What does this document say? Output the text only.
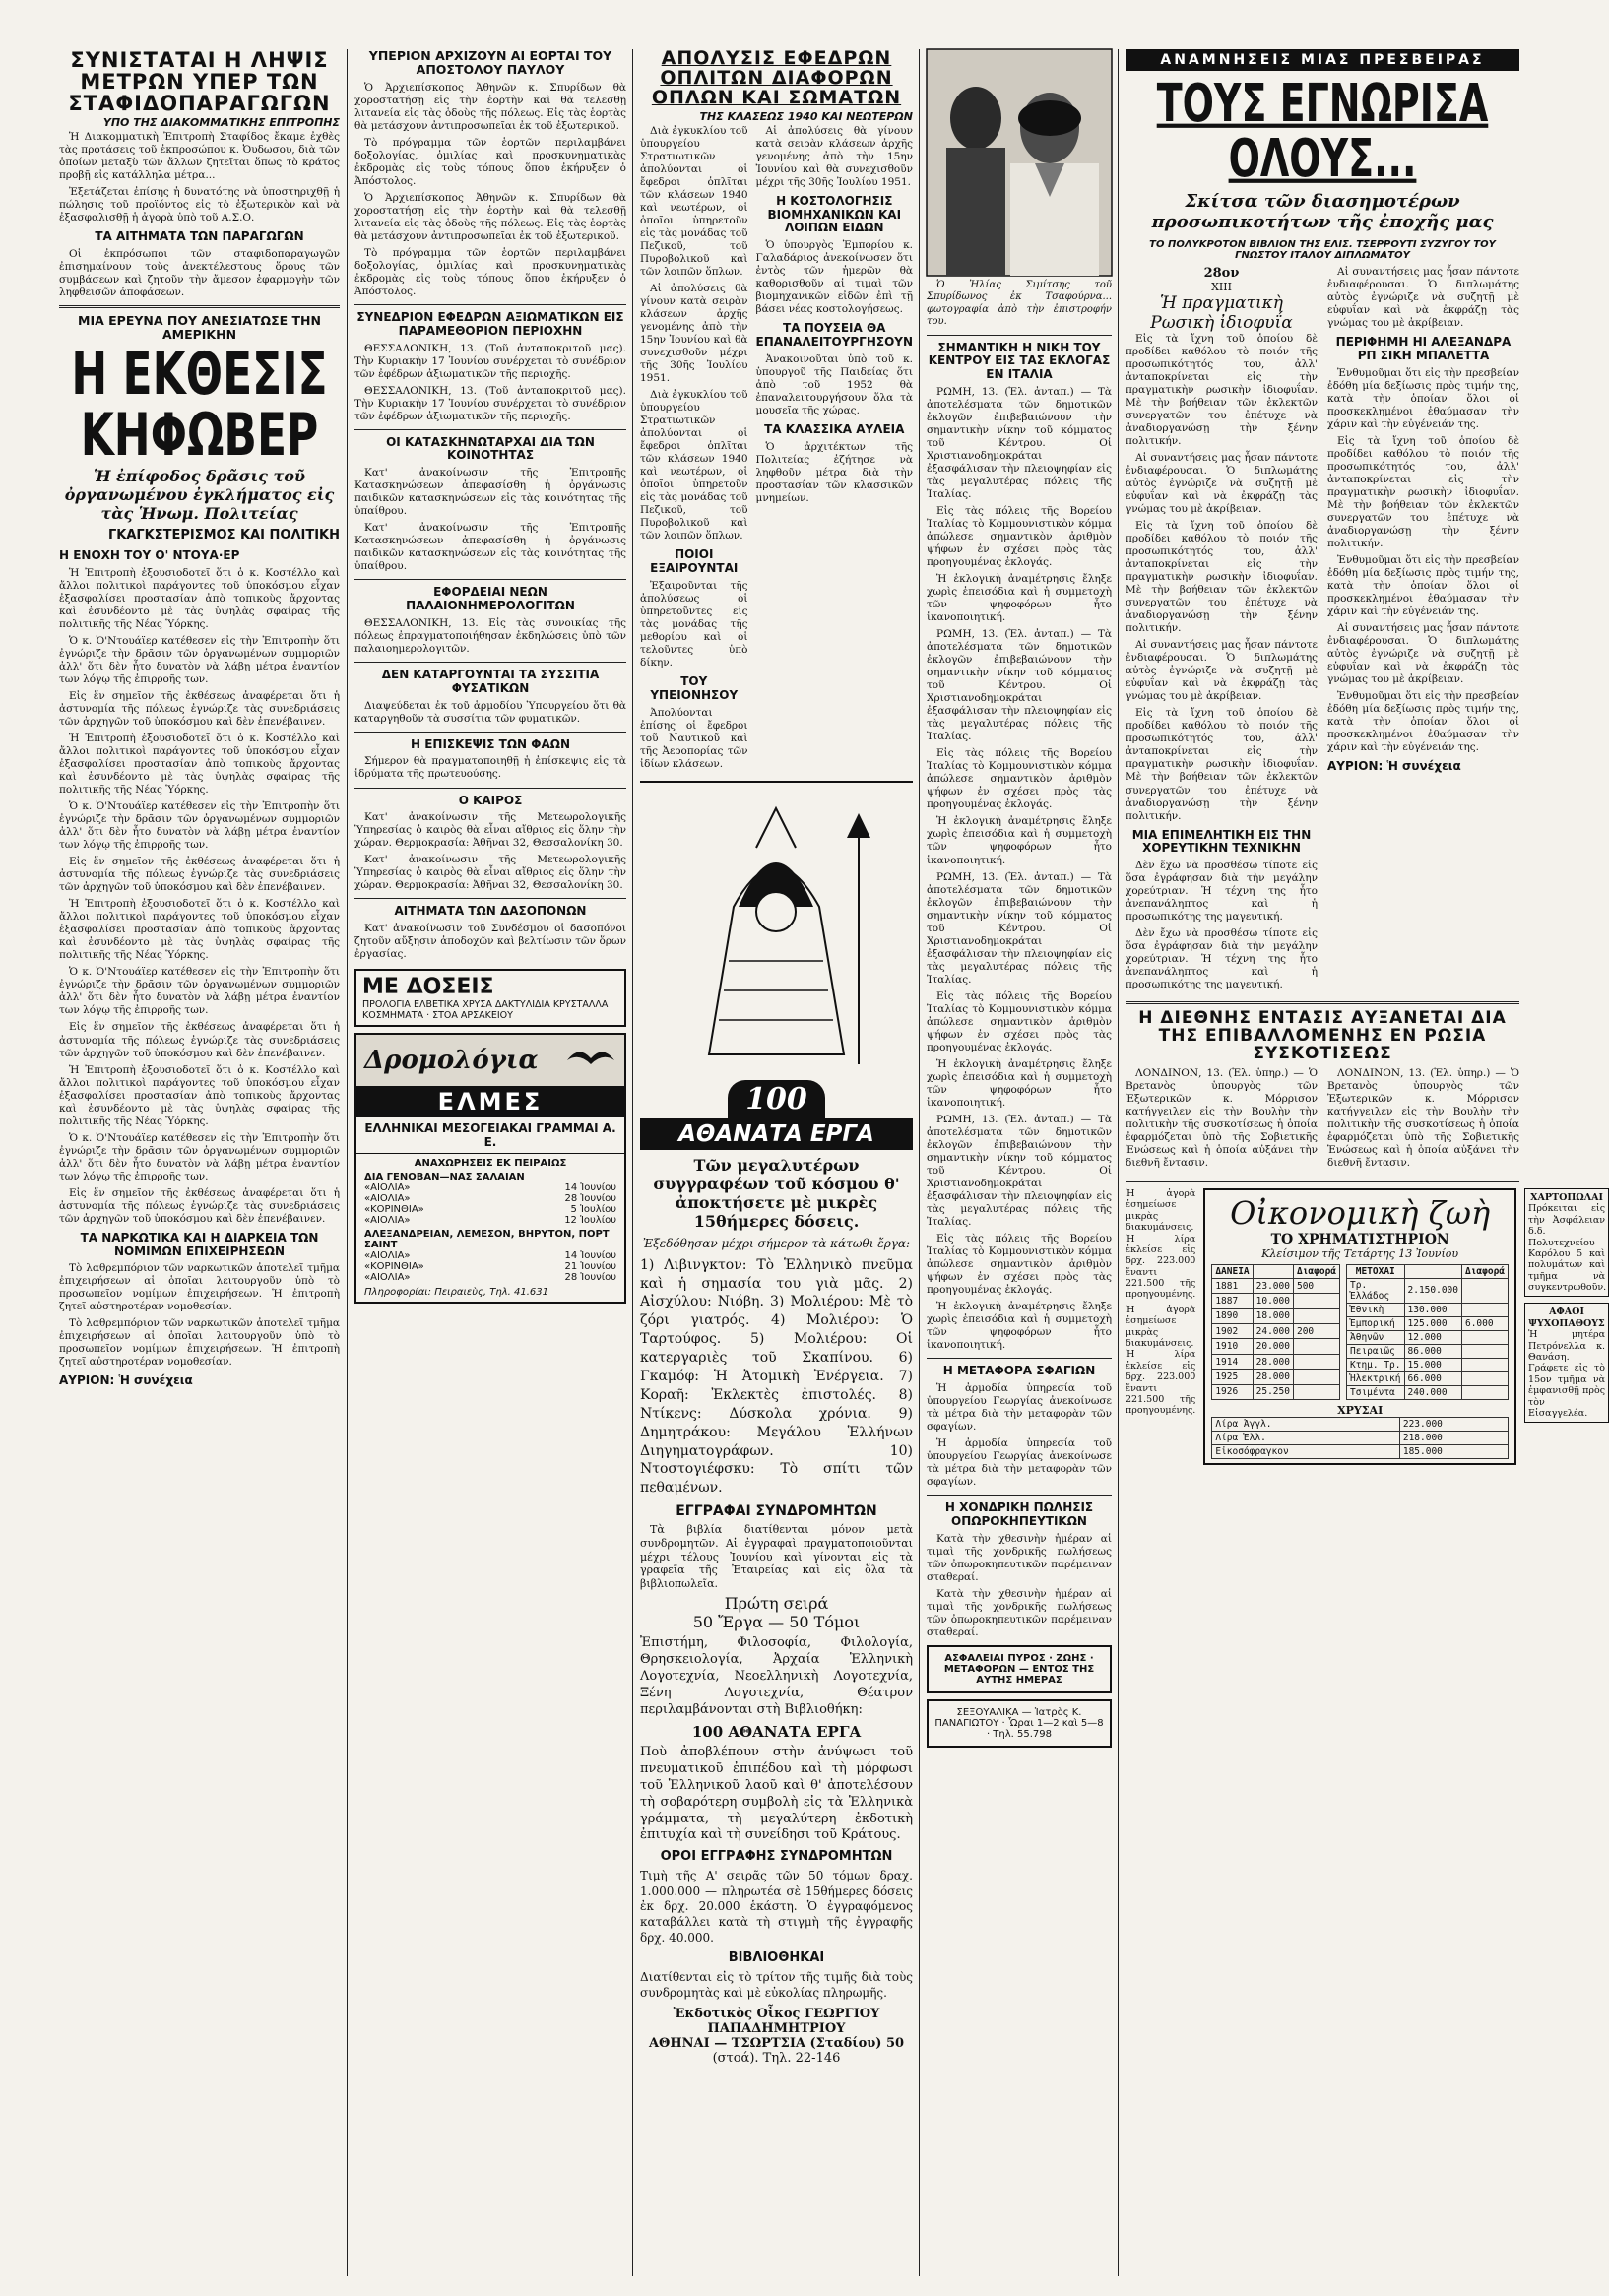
ΣΥΝΙΣΤΑΤΑΙ Η ΛΗΨΙΣ ΜΕΤΡΩΝ ΥΠΕΡ ΤΩΝ ΣΤΑΦΙΔΟΠΑΡΑΓΩΓΩΝ
ΥΠΟ ΤΗΣ ΔΙΑΚΟΜΜΑΤΙΚΗΣ ΕΠΙΤΡΟΠΗΣ

Ἡ Διακομματικὴ Ἐπιτροπὴ Σταφίδος ἔκαμε ἐχθὲς τὰς προτάσεις τοῦ ἐκπροσώπου κ. Ὀυδωσου, διὰ τῶν ὁποίων μεταξὺ τῶν ἄλλων ζητεῖται ὅπως τὸ κράτος προβῇ εἰς κατάλληλα μέτρα...

Ἐξετάζεται ἐπίσης ἡ δυνατότης νὰ ὑποστηριχθῇ ἡ πώλησις τοῦ προϊόντος εἰς τὸ ἐξωτερικὸν καὶ νὰ ἐξασφαλισθῇ ἡ ἀγορὰ ὑπὸ τοῦ Α.Σ.Ο.

ΤΑ ΑΙΤΗΜΑΤΑ ΤΩΝ ΠΑΡΑΓΩΓΩΝ

Οἱ ἐκπρόσωποι τῶν σταφιδοπαραγωγῶν ἐπισημαίνουν τοὺς ἀνεκτέλεστους ὅρους τῶν συμβάσεων καὶ ζητοῦν τὴν ἄμεσον ἐφαρμογὴν τῶν ληφθεισῶν ἀποφάσεων.

ΜΙΑ ΕΡΕΥΝΑ ΠΟΥ ΑΝΕΣΙΑΤΩΣΕ ΤΗΝ ΑΜΕΡΙΚΗΝ
Η ΕΚΘΕΣΙΣ ΚΗΦΩΒΕΡ
Ἡ ἐπίφοδος δρᾶσις τοῦ ὀργανωμένου ἐγκλήματος εἰς τὰς Ἡνωμ. Πολιτείας
ΓΚΑΓΚΣΤΕΡΙΣΜΟΣ ΚΑΙ ΠΟΛΙΤΙΚΗ
Η ΕΝΟΧΗ ΤΟΥ Ο' ΝΤΟΥΑ·ΕΡ

Ἡ Ἐπιτροπὴ ἐξουσιοδοτεῖ ὅτι ὁ κ. Κοστέλλο καὶ ἄλλοι πολιτικοὶ παράγοντες τοῦ ὑποκόσμου εἶχαν ἐξασφαλίσει προστασίαν ἀπὸ τοπικοὺς ἄρχοντας καὶ ἐσυνδέοντο μὲ τὰς ὑψηλὰς σφαίρας τῆς πολιτικῆς τῆς Νέας Ὑόρκης.

Ὁ κ. Ὀ'Ντουάϊερ κατέθεσεν εἰς τὴν Ἐπιτροπὴν ὅτι ἐγνώριζε τὴν δρᾶσιν τῶν ὀργανωμένων συμμοριῶν ἀλλ' ὅτι δὲν ἦτο δυνατὸν νὰ λάβῃ μέτρα ἐναντίον των λόγῳ τῆς ἐπιρροῆς των.

Εἰς ἕν σημεῖον τῆς ἐκθέσεως ἀναφέρεται ὅτι ἡ ἀστυνομία τῆς πόλεως ἐγνώριζε τὰς συνεδριάσεις τῶν ἀρχηγῶν τοῦ ὑποκόσμου καὶ δὲν ἐπενέβαινεν.

Ἡ Ἐπιτροπὴ ἐξουσιοδοτεῖ ὅτι ὁ κ. Κοστέλλο καὶ ἄλλοι πολιτικοὶ παράγοντες τοῦ ὑποκόσμου εἶχαν ἐξασφαλίσει προστασίαν ἀπὸ τοπικοὺς ἄρχοντας καὶ ἐσυνδέοντο μὲ τὰς ὑψηλὰς σφαίρας τῆς πολιτικῆς τῆς Νέας Ὑόρκης.

Ὁ κ. Ὀ'Ντουάϊερ κατέθεσεν εἰς τὴν Ἐπιτροπὴν ὅτι ἐγνώριζε τὴν δρᾶσιν τῶν ὀργανωμένων συμμοριῶν ἀλλ' ὅτι δὲν ἦτο δυνατὸν νὰ λάβῃ μέτρα ἐναντίον των λόγῳ τῆς ἐπιρροῆς των.

Εἰς ἕν σημεῖον τῆς ἐκθέσεως ἀναφέρεται ὅτι ἡ ἀστυνομία τῆς πόλεως ἐγνώριζε τὰς συνεδριάσεις τῶν ἀρχηγῶν τοῦ ὑποκόσμου καὶ δὲν ἐπενέβαινεν.

Ἡ Ἐπιτροπὴ ἐξουσιοδοτεῖ ὅτι ὁ κ. Κοστέλλο καὶ ἄλλοι πολιτικοὶ παράγοντες τοῦ ὑποκόσμου εἶχαν ἐξασφαλίσει προστασίαν ἀπὸ τοπικοὺς ἄρχοντας καὶ ἐσυνδέοντο μὲ τὰς ὑψηλὰς σφαίρας τῆς πολιτικῆς τῆς Νέας Ὑόρκης.

Ὁ κ. Ὀ'Ντουάϊερ κατέθεσεν εἰς τὴν Ἐπιτροπὴν ὅτι ἐγνώριζε τὴν δρᾶσιν τῶν ὀργανωμένων συμμοριῶν ἀλλ' ὅτι δὲν ἦτο δυνατὸν νὰ λάβῃ μέτρα ἐναντίον των λόγῳ τῆς ἐπιρροῆς των.

Εἰς ἕν σημεῖον τῆς ἐκθέσεως ἀναφέρεται ὅτι ἡ ἀστυνομία τῆς πόλεως ἐγνώριζε τὰς συνεδριάσεις τῶν ἀρχηγῶν τοῦ ὑποκόσμου καὶ δὲν ἐπενέβαινεν.

Ἡ Ἐπιτροπὴ ἐξουσιοδοτεῖ ὅτι ὁ κ. Κοστέλλο καὶ ἄλλοι πολιτικοὶ παράγοντες τοῦ ὑποκόσμου εἶχαν ἐξασφαλίσει προστασίαν ἀπὸ τοπικοὺς ἄρχοντας καὶ ἐσυνδέοντο μὲ τὰς ὑψηλὰς σφαίρας τῆς πολιτικῆς τῆς Νέας Ὑόρκης.

Ὁ κ. Ὀ'Ντουάϊερ κατέθεσεν εἰς τὴν Ἐπιτροπὴν ὅτι ἐγνώριζε τὴν δρᾶσιν τῶν ὀργανωμένων συμμοριῶν ἀλλ' ὅτι δὲν ἦτο δυνατὸν νὰ λάβῃ μέτρα ἐναντίον των λόγῳ τῆς ἐπιρροῆς των.

Εἰς ἕν σημεῖον τῆς ἐκθέσεως ἀναφέρεται ὅτι ἡ ἀστυνομία τῆς πόλεως ἐγνώριζε τὰς συνεδριάσεις τῶν ἀρχηγῶν τοῦ ὑποκόσμου καὶ δὲν ἐπενέβαινεν.

ΤΑ ΝΑΡΚΩΤΙΚΑ ΚΑΙ Η ΔΙΑΡΚΕΙΑ ΤΩΝ ΝΟΜΙΜΩΝ ΕΠΙΧΕΙΡΗΣΕΩΝ

Τὸ λαθρεμπόριον τῶν ναρκωτικῶν ἀποτελεῖ τμῆμα ἐπιχειρήσεων αἱ ὁποῖαι λειτουργοῦν ὑπὸ τὸ προσωπεῖον νομίμων ἐπιχειρήσεων. Ἡ ἐπιτροπὴ ζητεῖ αὐστηροτέραν νομοθεσίαν.

Τὸ λαθρεμπόριον τῶν ναρκωτικῶν ἀποτελεῖ τμῆμα ἐπιχειρήσεων αἱ ὁποῖαι λειτουργοῦν ὑπὸ τὸ προσωπεῖον νομίμων ἐπιχειρήσεων. Ἡ ἐπιτροπὴ ζητεῖ αὐστηροτέραν νομοθεσίαν.

ΑΥΡΙΟΝ: Ἡ συνέχεια
ΥΠΕΡΙΟΝ ΑΡΧΙΖΟΥΝ ΑΙ ΕΟΡΤΑΙ ΤΟΥ ΑΠΟΣΤΟΛΟΥ ΠΑΥΛΟΥ

Ὁ Ἀρχιεπίσκοπος Ἀθηνῶν κ. Σπυρίδων θὰ χοροστατήσῃ εἰς τὴν ἑορτὴν καὶ θὰ τελεσθῇ λιτανεία εἰς τὰς ὁδοὺς τῆς πόλεως. Εἰς τὰς ἑορτὰς θὰ μετάσχουν ἀντιπροσωπεῖαι ἐκ τοῦ ἐξωτερικοῦ.

Τὸ πρόγραμμα τῶν ἑορτῶν περιλαμβάνει δοξολογίας, ὁμιλίας καὶ προσκυνηματικὰς ἐκδρομὰς εἰς τοὺς τόπους ὅπου ἐκήρυξεν ὁ Ἀπόστολος.

Ὁ Ἀρχιεπίσκοπος Ἀθηνῶν κ. Σπυρίδων θὰ χοροστατήσῃ εἰς τὴν ἑορτὴν καὶ θὰ τελεσθῇ λιτανεία εἰς τὰς ὁδοὺς τῆς πόλεως. Εἰς τὰς ἑορτὰς θὰ μετάσχουν ἀντιπροσωπεῖαι ἐκ τοῦ ἐξωτερικοῦ.

Τὸ πρόγραμμα τῶν ἑορτῶν περιλαμβάνει δοξολογίας, ὁμιλίας καὶ προσκυνηματικὰς ἐκδρομὰς εἰς τοὺς τόπους ὅπου ἐκήρυξεν ὁ Ἀπόστολος.

ΣΥΝΕΔΡΙΟΝ ΕΦΕΔΡΩΝ ΑΞΙΩΜΑΤΙΚΩΝ ΕΙΣ ΠΑΡΑΜΕΘΟΡΙΟΝ ΠΕΡΙΟΧΗΝ

ΘΕΣΣΑΛΟΝΙΚΗ, 13. (Τοῦ ἀνταποκριτοῦ μας). Τὴν Κυριακὴν 17 Ἰουνίου συνέρχεται τὸ συνέδριον τῶν ἐφέδρων ἀξιωματικῶν τῆς περιοχῆς.

ΘΕΣΣΑΛΟΝΙΚΗ, 13. (Τοῦ ἀνταποκριτοῦ μας). Τὴν Κυριακὴν 17 Ἰουνίου συνέρχεται τὸ συνέδριον τῶν ἐφέδρων ἀξιωματικῶν τῆς περιοχῆς.

ΟΙ ΚΑΤΑΣΚΗΝΩΤΑΡΧΑΙ ΔΙΑ ΤΩΝ ΚΟΙΝΟΤΗΤΑΣ

Κατ' ἀνακοίνωσιν τῆς Ἐπιτροπῆς Κατασκηνώσεων ἀπεφασίσθη ἡ ὀργάνωσις παιδικῶν κατασκηνώσεων εἰς τὰς κοινότητας τῆς ὑπαίθρου.

Κατ' ἀνακοίνωσιν τῆς Ἐπιτροπῆς Κατασκηνώσεων ἀπεφασίσθη ἡ ὀργάνωσις παιδικῶν κατασκηνώσεων εἰς τὰς κοινότητας τῆς ὑπαίθρου.

ΕΦΟΡΔΕΙΑΙ ΝΕΩΝ ΠΑΛΑΙΟΝΗΜΕΡΟΛΟΓΙΤΩΝ

ΘΕΣΣΑΛΟΝΙΚΗ, 13. Εἰς τὰς συνοικίας τῆς πόλεως ἐπραγματοποιήθησαν ἐκδηλώσεις ὑπὸ τῶν παλαιοημερολογιτῶν.

ΔΕΝ ΚΑΤΑΡΓΟΥΝΤΑΙ ΤΑ ΣΥΣΣΙΤΙΑ ΦΥΣΑΤΙΚΩΝ

Διαψεύδεται ἐκ τοῦ ἁρμοδίου Ὑπουργείου ὅτι θὰ καταργηθοῦν τὰ συσσίτια τῶν φυματικῶν.

Η ΕΠΙΣΚΕΨΙΣ ΤΩΝ ΦΑΩΝ

Σήμερον θὰ πραγματοποιηθῇ ἡ ἐπίσκεψις εἰς τὰ ἱδρύματα τῆς πρωτευούσης.

Ο ΚΑΙΡΟΣ

Κατ' ἀνακοίνωσιν τῆς Μετεωρολογικῆς Ὑπηρεσίας ὁ καιρὸς θὰ εἶναι αἴθριος εἰς ὅλην τὴν χώραν. Θερμοκρασία: Ἀθῆναι 32, Θεσσαλονίκη 30.

Κατ' ἀνακοίνωσιν τῆς Μετεωρολογικῆς Ὑπηρεσίας ὁ καιρὸς θὰ εἶναι αἴθριος εἰς ὅλην τὴν χώραν. Θερμοκρασία: Ἀθῆναι 32, Θεσσαλονίκη 30.

ΑΙΤΗΜΑΤΑ ΤΩΝ ΔΑΣΟΠΟΝΩΝ

Κατ' ἀνακοίνωσιν τοῦ Συνδέσμου οἱ δασοπόνοι ζητοῦν αὔξησιν ἀποδοχῶν καὶ βελτίωσιν τῶν ὅρων ἐργασίας.

ΜΕ ΔΟΣΕΙΣ
ΠΡΟΛΟΓΙΑ ΕΛΒΕΤΙΚΑ ΧΡΥΣΑ ΔΑΚΤΥΛΙΔΙΑ ΚΡΥΣΤΑΛΛΑ ΚΟΣΜΗΜΑΤΑ · ΣΤΟΑ ΑΡΣΑΚΕΙΟΥ
Δρομολόγια
ΕΛΜΕΣ
ΕΛΛΗΝΙΚΑΙ ΜΕΣΟΓΕΙΑΚΑΙ ΓΡΑΜΜΑΙ Α. Ε.
ΑΝΑΧΩΡΗΣΕΙΣ ΕΚ ΠΕΙΡΑΙΩΣ
ΔΙΑ ΓΕΝΟΒΑΝ—ΝΑΣ ΣΑΛΑΙΑΝ
«ΑΙΟΛΙΑ»	14 Ἰουνίου
«ΑΙΟΛΙΑ»	28 Ἰουνίου
«ΚΟΡΙΝΘΙΑ»	5 Ἰουλίου
«ΑΙΟΛΙΑ»	12 Ἰουλίου
ΑΛΕΞΑΝΔΡΕΙΑΝ, ΛΕΜΕΣΟΝ, ΒΗΡΥΤΟΝ, ΠΟΡΤ ΣΑΙΝΤ
«ΑΙΟΛΙΑ»	14 Ἰουνίου
«ΚΟΡΙΝΘΙΑ»	21 Ἰουνίου
«ΑΙΟΛΙΑ»	28 Ἰουνίου
Πληροφορίαι: Πειραιεὺς, Τηλ. 41.631
ΑΠΟΛΥΣΙΣ ΕΦΕΔΡΩΝ ΟΠΛΙΤΩΝ ΔΙΑΦΟΡΩΝ ΟΠΛΩΝ ΚΑΙ ΣΩΜΑΤΩΝ
ΤΗΣ ΚΛΑΣΕΩΣ 1940 ΚΑΙ ΝΕΩΤΕΡΩΝ

Διὰ ἐγκυκλίου τοῦ ὑπουργείου Στρατιωτικῶν ἀπολύονται οἱ ἔφεδροι ὁπλῖται τῶν κλάσεων 1940 καὶ νεωτέρων, οἱ ὁποῖοι ὑπηρετοῦν εἰς τὰς μονάδας τοῦ Πεζικοῦ, τοῦ Πυροβολικοῦ καὶ τῶν λοιπῶν ὅπλων.

Αἱ ἀπολύσεις θὰ γίνουν κατὰ σειρὰν κλάσεων ἀρχῆς γενομένης ἀπὸ τὴν 15ην Ἰουνίου καὶ θὰ συνεχισθοῦν μέχρι τῆς 30ῆς Ἰουλίου 1951.

Διὰ ἐγκυκλίου τοῦ ὑπουργείου Στρατιωτικῶν ἀπολύονται οἱ ἔφεδροι ὁπλῖται τῶν κλάσεων 1940 καὶ νεωτέρων, οἱ ὁποῖοι ὑπηρετοῦν εἰς τὰς μονάδας τοῦ Πεζικοῦ, τοῦ Πυροβολικοῦ καὶ τῶν λοιπῶν ὅπλων.

ΠΟΙΟΙ ΕΞΑΙΡΟΥΝΤΑΙ

Ἐξαιροῦνται τῆς ἀπολύσεως οἱ ὑπηρετοῦντες εἰς τὰς μονάδας τῆς μεθορίου καὶ οἱ τελοῦντες ὑπὸ δίκην.

ΤΟΥ ΥΠΕΙΟΝΗΣΟΥ

Ἀπολύονται ἐπίσης οἱ ἔφεδροι τοῦ Ναυτικοῦ καὶ τῆς Ἀεροπορίας τῶν ἰδίων κλάσεων.

Αἱ ἀπολύσεις θὰ γίνουν κατὰ σειρὰν κλάσεων ἀρχῆς γενομένης ἀπὸ τὴν 15ην Ἰουνίου καὶ θὰ συνεχισθοῦν μέχρι τῆς 30ῆς Ἰουλίου 1951.

Η ΚΟΣΤΟΛΟΓΗΣΙΣ ΒΙΟΜΗΧΑΝΙΚΩΝ ΚΑΙ ΛΟΙΠΩΝ ΕΙΔΩΝ

Ὁ ὑπουργὸς Ἐμπορίου κ. Γαλαδάριος ἀνεκοίνωσεν ὅτι ἐντὸς τῶν ἡμερῶν θὰ καθορισθοῦν αἱ τιμαὶ τῶν βιομηχανικῶν εἰδῶν ἐπὶ τῇ βάσει νέας κοστολογήσεως.

ΤΑ ΠΟΥΣΕΙΑ ΘΑ ΕΠΑΝΑΛΕΙΤΟΥΡΓΗΣΟΥΝ

Ἀνακοινοῦται ὑπὸ τοῦ κ. ὑπουργοῦ τῆς Παιδείας ὅτι ἀπὸ τοῦ 1952 θὰ ἐπαναλειτουργήσουν ὅλα τὰ μουσεῖα τῆς χώρας.

ΤΑ ΚΛΑΣΣΙΚΑ ΑΥΛΕΙΑ

Ὁ ἀρχιτέκτων τῆς Πολιτείας ἐζήτησε νὰ ληφθοῦν μέτρα διὰ τὴν προστασίαν τῶν κλασσικῶν μνημείων.

100
ΑΘΑΝΑΤΑ ΕΡΓΑ
Τῶν μεγαλυτέρων συγγραφέων τοῦ κόσμου θ' ἀποκτήσετε μὲ μικρὲς 15θήμερες δόσεις.
Ἐξεδόθησαν μέχρι σήμερον τὰ κάτωθι ἔργα:
1) Λιβινγκτον: Τὸ Ἑλληνικὸ πνεῦμα καὶ ἡ σημασία του γιὰ μᾶς. 2) Αἰσχύλου: Νιόβη. 3) Μολιέρου: Μὲ τὸ ζόρι γιατρός. 4) Μολιέρου: Ὁ Ταρτούφος. 5) Μολιέρου: Οἱ κατεργαριὲς τοῦ Σκαπίνου. 6) Γκαμόφ: Ἡ Ἀτομικὴ Ἐνέργεια. 7) Κοραῆ: Ἐκλεκτὲς ἐπιστολές. 8) Ντίκενς: Δύσκολα χρόνια. 9) Δημητράκου: Μεγάλου Ἑλλήνων Διηγηματογράφων. 10) Ντοστογιέφσκυ: Τὸ σπίτι τῶν πεθαμένων.
ΕΓΓΡΑΦΑΙ ΣΥΝΔΡΟΜΗΤΩΝ

Τὰ βιβλία διατίθενται μόνον μετὰ συνδρομητῶν. Αἱ ἐγγραφαὶ πραγματοποιοῦνται μέχρι τέλους Ἰουνίου καὶ γίνονται εἰς τὰ γραφεῖα τῆς Ἐταιρείας καὶ εἰς ὅλα τὰ βιβλιοπωλεῖα.

Πρώτη σειρά
50 Ἔργα — 50 Τόμοι
Ἐπιστήμη, Φιλοσοφία, Φιλολογία, Θρησκειολογία, Ἀρχαία Ἑλληνικὴ Λογοτεχνία, Νεοελληνικὴ Λογοτεχνία, Ξένη Λογοτεχνία, Θέατρον περιλαμβάνονται στὴ Βιβλιοθήκη:
100 ΑΘΑΝΑΤΑ ΕΡΓΑ
Ποὺ ἀποβλέπουν στὴν ἀνύψωσι τοῦ πνευματικοῦ ἐπιπέδου καὶ τὴ μόρφωσι τοῦ Ἑλληνικοῦ λαοῦ καὶ θ' ἀποτελέσουν τὴ σοβαρότερη συμβολὴ εἰς τὰ Ἑλληνικὰ γράμματα, τὴ μεγαλύτερη ἐκδοτικὴ ἐπιτυχία καὶ τὴ συνείδησι τοῦ Κράτους.
ΟΡΟΙ ΕΓΓΡΑΦΗΣ ΣΥΝΔΡΟΜΗΤΩΝ
Τιμὴ τῆς Α' σειρᾶς τῶν 50 τόμων δραχ. 1.000.000 — πληρωτέα σὲ 15θήμερες δόσεις ἐκ δρχ. 20.000 ἑκάστη. Ὁ ἐγγραφόμενος καταβάλλει κατὰ τὴ στιγμὴ τῆς ἐγγραφῆς δρχ. 40.000.
ΒΙΒΛΙΟΘΗΚΑΙ
Διατίθενται εἰς τὸ τρίτον τῆς τιμῆς διὰ τοὺς συνδρομητὰς καὶ μὲ εὐκολίας πληρωμῆς.
Ἐκδοτικὸς Οἶκος ΓΕΩΡΓΙΟΥ ΠΑΠΑΔΗΜΗΤΡΙΟΥ
ΑΘΗΝΑΙ — ΤΣΩΡΤΣΙΑ (Σταδίου) 50
(στοά). Τηλ. 22-146

Ὁ Ἠλίας Σιμίτσης τοῦ Σπυρίδωνος ἐκ Τσαφούρνα... φωτογραφία ἀπὸ τὴν ἐπιστροφήν του.

ΣΗΜΑΝΤΙΚΗ Η ΝΙΚΗ ΤΟΥ ΚΕΝΤΡΟΥ ΕΙΣ ΤΑΣ ΕΚΛΟΓΑΣ ΕΝ ΙΤΑΛΙΑ

ΡΩΜΗ, 13. (Ἑλ. ἀνταπ.) — Τὰ ἀποτελέσματα τῶν δημοτικῶν ἐκλογῶν ἐπιβεβαιώνουν τὴν σημαντικὴν νίκην τοῦ κόμματος τοῦ Κέντρου. Οἱ Χριστιανοδημοκράται ἐξασφάλισαν τὴν πλειοψηφίαν εἰς τὰς μεγαλυτέρας πόλεις τῆς Ἰταλίας.

Εἰς τὰς πόλεις τῆς Βορείου Ἰταλίας τὸ Κομμουνιστικὸν κόμμα ἀπώλεσε σημαντικὸν ἀριθμὸν ψήφων ἐν σχέσει πρὸς τὰς προηγουμένας ἐκλογάς.

Ἡ ἐκλογικὴ ἀναμέτρησις ἔληξε χωρὶς ἐπεισόδια καὶ ἡ συμμετοχὴ τῶν ψηφοφόρων ἦτο ἱκανοποιητική.

ΡΩΜΗ, 13. (Ἑλ. ἀνταπ.) — Τὰ ἀποτελέσματα τῶν δημοτικῶν ἐκλογῶν ἐπιβεβαιώνουν τὴν σημαντικὴν νίκην τοῦ κόμματος τοῦ Κέντρου. Οἱ Χριστιανοδημοκράται ἐξασφάλισαν τὴν πλειοψηφίαν εἰς τὰς μεγαλυτέρας πόλεις τῆς Ἰταλίας.

Εἰς τὰς πόλεις τῆς Βορείου Ἰταλίας τὸ Κομμουνιστικὸν κόμμα ἀπώλεσε σημαντικὸν ἀριθμὸν ψήφων ἐν σχέσει πρὸς τὰς προηγουμένας ἐκλογάς.

Ἡ ἐκλογικὴ ἀναμέτρησις ἔληξε χωρὶς ἐπεισόδια καὶ ἡ συμμετοχὴ τῶν ψηφοφόρων ἦτο ἱκανοποιητική.

ΡΩΜΗ, 13. (Ἑλ. ἀνταπ.) — Τὰ ἀποτελέσματα τῶν δημοτικῶν ἐκλογῶν ἐπιβεβαιώνουν τὴν σημαντικὴν νίκην τοῦ κόμματος τοῦ Κέντρου. Οἱ Χριστιανοδημοκράται ἐξασφάλισαν τὴν πλειοψηφίαν εἰς τὰς μεγαλυτέρας πόλεις τῆς Ἰταλίας.

Εἰς τὰς πόλεις τῆς Βορείου Ἰταλίας τὸ Κομμουνιστικὸν κόμμα ἀπώλεσε σημαντικὸν ἀριθμὸν ψήφων ἐν σχέσει πρὸς τὰς προηγουμένας ἐκλογάς.

Ἡ ἐκλογικὴ ἀναμέτρησις ἔληξε χωρὶς ἐπεισόδια καὶ ἡ συμμετοχὴ τῶν ψηφοφόρων ἦτο ἱκανοποιητική.

ΡΩΜΗ, 13. (Ἑλ. ἀνταπ.) — Τὰ ἀποτελέσματα τῶν δημοτικῶν ἐκλογῶν ἐπιβεβαιώνουν τὴν σημαντικὴν νίκην τοῦ κόμματος τοῦ Κέντρου. Οἱ Χριστιανοδημοκράται ἐξασφάλισαν τὴν πλειοψηφίαν εἰς τὰς μεγαλυτέρας πόλεις τῆς Ἰταλίας.

Εἰς τὰς πόλεις τῆς Βορείου Ἰταλίας τὸ Κομμουνιστικὸν κόμμα ἀπώλεσε σημαντικὸν ἀριθμὸν ψήφων ἐν σχέσει πρὸς τὰς προηγουμένας ἐκλογάς.

Ἡ ἐκλογικὴ ἀναμέτρησις ἔληξε χωρὶς ἐπεισόδια καὶ ἡ συμμετοχὴ τῶν ψηφοφόρων ἦτο ἱκανοποιητική.

Η ΜΕΤΑΦΟΡΑ ΣΦΑΓΙΩΝ

Ἡ ἀρμοδία ὑπηρεσία τοῦ ὑπουργείου Γεωργίας ἀνεκοίνωσε τὰ μέτρα διὰ τὴν μεταφορὰν τῶν σφαγίων.

Ἡ ἀρμοδία ὑπηρεσία τοῦ ὑπουργείου Γεωργίας ἀνεκοίνωσε τὰ μέτρα διὰ τὴν μεταφορὰν τῶν σφαγίων.

Η ΧΟΝΔΡΙΚΗ ΠΩΛΗΣΙΣ ΟΠΩΡΟΚΗΠΕΥΤΙΚΩΝ

Κατὰ τὴν χθεσινὴν ἡμέραν αἱ τιμαὶ τῆς χονδρικῆς πωλήσεως τῶν ὀπωροκηπευτικῶν παρέμειναν σταθεραί.

Κατὰ τὴν χθεσινὴν ἡμέραν αἱ τιμαὶ τῆς χονδρικῆς πωλήσεως τῶν ὀπωροκηπευτικῶν παρέμειναν σταθεραί.

ΑΣΦΑΛΕΙΑΙ ΠΥΡΟΣ · ΖΩΗΣ · ΜΕΤΑΦΟΡΩΝ — ΕΝΤΟΣ ΤΗΣ ΑΥΤΗΣ ΗΜΕΡΑΣ
ΣΕΞΟΥΑΛΙΚΑ — Ἰατρὸς Κ. ΠΑΝΑΓΙΩΤΟΥ · Ὧραι 1—2 καὶ 5—8 · Τηλ. 55.798
ΑΝΑΜΝΗΣΕΙΣ ΜΙΑΣ ΠΡΕΣΒΕΙΡΑΣ
ΤΟΥΣ ΕΓΝΩΡΙΣΑ ΟΛΟΥΣ...
Σκίτσα τῶν διασημοτέρων προσωπικοτήτων τῆς ἐποχῆς μας
ΤΟ ΠΟΛΥΚΡΟΤΟΝ ΒΙΒΛΙΟΝ ΤΗΣ ΕΛΙΣ. ΤΣΕΡΡΟΥΤΙ ΣΥΖΥΓΟΥ ΤΟΥ ΓΝΩΣΤΟΥ ΙΤΑΛΟΥ ΔΙΠΛΩΜΑΤΟΥ
28ον
XIII
Ἡ πραγματικὴ Ρωσικὴ ἰδιοφυΐα

Εἰς τὰ ἴχνη τοῦ ὁποίου δὲ προδίδει καθόλου τὸ ποιόν τῆς προσωπικότητός του, ἀλλ' ἀνταποκρίνεται εἰς τὴν πραγματικὴν ρωσικὴν ἰδιοφυΐαν. Μὲ τὴν βοήθειαν τῶν ἐκλεκτῶν συνεργατῶν του ἐπέτυχε νὰ ἀναδιοργανώσῃ τὴν ξένην πολιτικήν.

Αἱ συναντήσεις μας ἦσαν πάντοτε ἐνδιαφέρουσαι. Ὁ διπλωμάτης αὐτὸς ἐγνώριζε νὰ συζητῇ μὲ εὐφυΐαν καὶ νὰ ἐκφράζῃ τὰς γνώμας του μὲ ἀκρίβειαν.

Εἰς τὰ ἴχνη τοῦ ὁποίου δὲ προδίδει καθόλου τὸ ποιόν τῆς προσωπικότητός του, ἀλλ' ἀνταποκρίνεται εἰς τὴν πραγματικὴν ρωσικὴν ἰδιοφυΐαν. Μὲ τὴν βοήθειαν τῶν ἐκλεκτῶν συνεργατῶν του ἐπέτυχε νὰ ἀναδιοργανώσῃ τὴν ξένην πολιτικήν.

Αἱ συναντήσεις μας ἦσαν πάντοτε ἐνδιαφέρουσαι. Ὁ διπλωμάτης αὐτὸς ἐγνώριζε νὰ συζητῇ μὲ εὐφυΐαν καὶ νὰ ἐκφράζῃ τὰς γνώμας του μὲ ἀκρίβειαν.

Εἰς τὰ ἴχνη τοῦ ὁποίου δὲ προδίδει καθόλου τὸ ποιόν τῆς προσωπικότητός του, ἀλλ' ἀνταποκρίνεται εἰς τὴν πραγματικὴν ρωσικὴν ἰδιοφυΐαν. Μὲ τὴν βοήθειαν τῶν ἐκλεκτῶν συνεργατῶν του ἐπέτυχε νὰ ἀναδιοργανώσῃ τὴν ξένην πολιτικήν.

ΜΙΑ ΕΠΙΜΕΛΗΤΙΚΗ ΕΙΣ ΤΗΝ ΧΟΡΕΥΤΙΚΗΝ ΤΕΧΝΙΚΗΝ

Δὲν ἔχω νὰ προσθέσω τίποτε εἰς ὅσα ἐγράφησαν διὰ τὴν μεγάλην χορεύτριαν. Ἡ τέχνη της ἦτο ἀνεπανάληπτος καὶ ἡ προσωπικότης της μαγευτική.

Δὲν ἔχω νὰ προσθέσω τίποτε εἰς ὅσα ἐγράφησαν διὰ τὴν μεγάλην χορεύτριαν. Ἡ τέχνη της ἦτο ἀνεπανάληπτος καὶ ἡ προσωπικότης της μαγευτική.

Αἱ συναντήσεις μας ἦσαν πάντοτε ἐνδιαφέρουσαι. Ὁ διπλωμάτης αὐτὸς ἐγνώριζε νὰ συζητῇ μὲ εὐφυΐαν καὶ νὰ ἐκφράζῃ τὰς γνώμας του μὲ ἀκρίβειαν.

ΠΕΡΙΦΗΜΗ ΗΙ ΑΛΕΞΑΝΔΡΑ ΡΠ ΣΙΚΗ ΜΠΑΛΕΤΤΑ

Ἐνθυμοῦμαι ὅτι εἰς τὴν πρεσβείαν ἐδόθη μία δεξίωσις πρὸς τιμήν της, κατὰ τὴν ὁποίαν ὅλοι οἱ προσκεκλημένοι ἐθαύμασαν τὴν χάριν καὶ τὴν εὐγένειάν της.

Εἰς τὰ ἴχνη τοῦ ὁποίου δὲ προδίδει καθόλου τὸ ποιόν τῆς προσωπικότητός του, ἀλλ' ἀνταποκρίνεται εἰς τὴν πραγματικὴν ρωσικὴν ἰδιοφυΐαν. Μὲ τὴν βοήθειαν τῶν ἐκλεκτῶν συνεργατῶν του ἐπέτυχε νὰ ἀναδιοργανώσῃ τὴν ξένην πολιτικήν.

Ἐνθυμοῦμαι ὅτι εἰς τὴν πρεσβείαν ἐδόθη μία δεξίωσις πρὸς τιμήν της, κατὰ τὴν ὁποίαν ὅλοι οἱ προσκεκλημένοι ἐθαύμασαν τὴν χάριν καὶ τὴν εὐγένειάν της.

Αἱ συναντήσεις μας ἦσαν πάντοτε ἐνδιαφέρουσαι. Ὁ διπλωμάτης αὐτὸς ἐγνώριζε νὰ συζητῇ μὲ εὐφυΐαν καὶ νὰ ἐκφράζῃ τὰς γνώμας του μὲ ἀκρίβειαν.

Ἐνθυμοῦμαι ὅτι εἰς τὴν πρεσβείαν ἐδόθη μία δεξίωσις πρὸς τιμήν της, κατὰ τὴν ὁποίαν ὅλοι οἱ προσκεκλημένοι ἐθαύμασαν τὴν χάριν καὶ τὴν εὐγένειάν της.

ΑΥΡΙΟΝ: Ἡ συνέχεια
Η ΔΙΕΘΝΗΣ ΕΝΤΑΣΙΣ ΑΥΞΑΝΕΤΑΙ ΔΙΑ ΤΗΣ ΕΠΙΒΑΛΛΟΜΕΝΗΣ ΕΝ ΡΩΣΙΑ ΣΥΣΚΟΤΙΣΕΩΣ

ΛΟΝΔΙΝΟΝ, 13. (Ἑλ. ὑπηρ.) — Ὁ Βρετανὸς ὑπουργὸς τῶν Ἐξωτερικῶν κ. Μόρρισον κατήγγειλεν εἰς τὴν Βουλὴν τὴν πολιτικὴν τῆς συσκοτίσεως ἡ ὁποία ἐφαρμόζεται ὑπὸ τῆς Σοβιετικῆς Ἑνώσεως καὶ ἡ ὁποία αὐξάνει τὴν διεθνῆ ἔντασιν.

ΛΟΝΔΙΝΟΝ, 13. (Ἑλ. ὑπηρ.) — Ὁ Βρετανὸς ὑπουργὸς τῶν Ἐξωτερικῶν κ. Μόρρισον κατήγγειλεν εἰς τὴν Βουλὴν τὴν πολιτικὴν τῆς συσκοτίσεως ἡ ὁποία ἐφαρμόζεται ὑπὸ τῆς Σοβιετικῆς Ἑνώσεως καὶ ἡ ὁποία αὐξάνει τὴν διεθνῆ ἔντασιν.

Ἡ ἀγορὰ ἐσημείωσε μικρὰς διακυμάνσεις. Ἡ λίρα ἐκλείσε εἰς δρχ. 223.000 ἔναντι 221.500 τῆς προηγουμένης.

Ἡ ἀγορὰ ἐσημείωσε μικρὰς διακυμάνσεις. Ἡ λίρα ἐκλείσε εἰς δρχ. 223.000 ἔναντι 221.500 τῆς προηγουμένης.

Οἰκονομικὴ ζωὴ
ΤΟ ΧΡΗΜΑΤΙΣΤΗΡΙΟΝ
Κλείσιμον τῆς Τετάρτης 13 Ἰουνίου
ΔΑΝΕΙΑ		Διαφορά
1881	23.000	500
1887	10.000	
1890	18.000	
1902	24.000	200
1910	20.000	
1914	28.000	
1925	28.000	
1926	25.250	
ΜΕΤΟΧΑΙ		Διαφορά
Τρ. Ἑλλάδος	2.150.000	
Ἐθνικὴ	130.000	
Ἐμπορική	125.000	6.000
Ἀθηνῶν	12.000	
Πειραιῶς	86.000	
Κτημ. Τρ.	15.000	
Ἠλεκτρική	66.000	
Τσιμέντα	240.000	
ΧΡΥΣΑΙ
Λίρα Ἀγγλ.	223.000
Λίρα Ἑλλ.	218.000
Εἰκοσόφραγκον	185.000
ΧΑΡΤΟΠΩΛΑΙ
Πρόκειται εἰς τὴν Ἀσφάλειαν δ.δ. Πολυτεχνείου Καρόλου 5 καὶ πολυμάτων καὶ τμῆμα νὰ συγκεντρωθοῦν.
ΑΦΑΟΙ ΨΥΧΟΠΑΘΟΥΣ
Ἡ μητέρα Πετρόνελλα κ. Θανάση. Γράφετε εἰς τὸ 15ον τμῆμα νὰ ἐμφανισθῇ πρὸς τὸν Εἰσαγγελέα.
